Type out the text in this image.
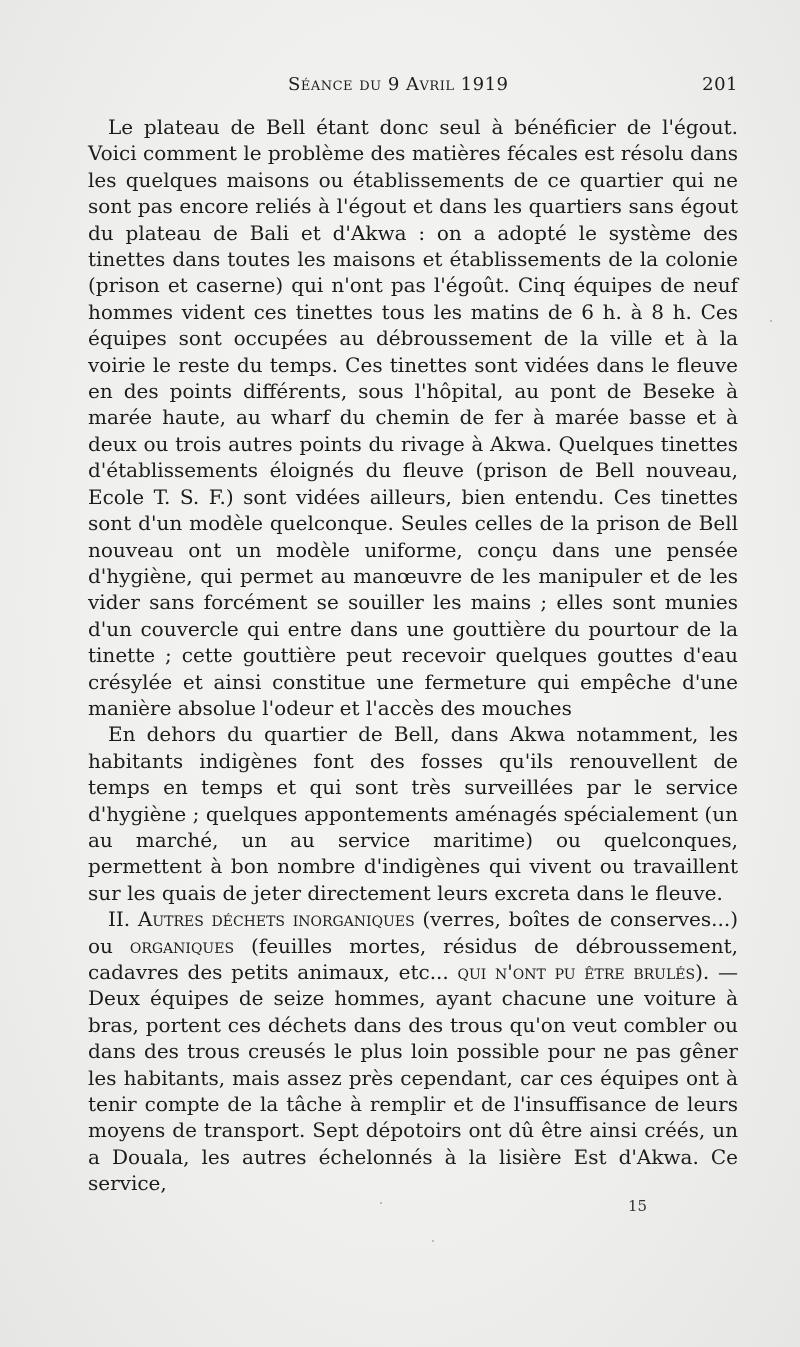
Séance du 9 Avril 1919	201

Le plateau de Bell étant donc seul à bénéficier de l'égout. Voici comment le problème des matières fécales est résolu dans les quelques maisons ou établissements de ce quartier qui ne sont pas encore reliés à l'égout et dans les quartiers sans égout du plateau de Bali et d'Akwa : on a adopté le système des tinettes dans toutes les maisons et établissements de la colonie (prison et caserne) qui n'ont pas l'égoût. Cinq équipes de neuf hommes vident ces tinettes tous les matins de 6 h. à 8 h. Ces équipes sont occupées au débroussement de la ville et à la voirie le reste du temps. Ces tinettes sont vidées dans le fleuve en des points différents, sous l'hôpital, au pont de Beseke à marée haute, au wharf du chemin de fer à marée basse et à deux ou trois autres points du rivage à Akwa. Quelques tinettes d'établissements éloignés du fleuve (prison de Bell nouveau, Ecole T. S. F.) sont vidées ailleurs, bien entendu. Ces tinettes sont d'un modèle quelconque. Seules celles de la prison de Bell nouveau ont un modèle uniforme, conçu dans une pensée d'hygiène, qui permet au manœuvre de les manipuler et de les vider sans forcément se souiller les mains ; elles sont munies d'un couvercle qui entre dans une gouttière du pourtour de la tinette ; cette gouttière peut recevoir quelques gouttes d'eau crésylée et ainsi constitue une fermeture qui empêche d'une manière absolue l'odeur et l'accès des mouches

En dehors du quartier de Bell, dans Akwa notamment, les habitants indigènes font des fosses qu'ils renouvellent de temps en temps et qui sont très surveillées par le service d'hygiène ; quelques appontements aménagés spécialement (un au marché, un au service maritime) ou quelconques, permettent à bon nombre d'indigènes qui vivent ou travaillent sur les quais de jeter directement leurs excreta dans le fleuve.

II. Autres déchets inorganiques (verres, boîtes de conserves...) ou organiques (feuilles mortes, résidus de débroussement, cadavres des petits animaux, etc... qui n'ont pu être brulés). — Deux équipes de seize hommes, ayant chacune une voiture à bras, portent ces déchets dans des trous qu'on veut combler ou dans des trous creusés le plus loin possible pour ne pas gêner les habitants, mais assez près cependant, car ces équipes ont à tenir compte de la tâche à remplir et de l'insuffisance de leurs moyens de transport. Sept dépotoirs ont dû être ainsi créés, un a Douala, les autres échelonnés à la lisière Est d'Akwa. Ce service,

15
